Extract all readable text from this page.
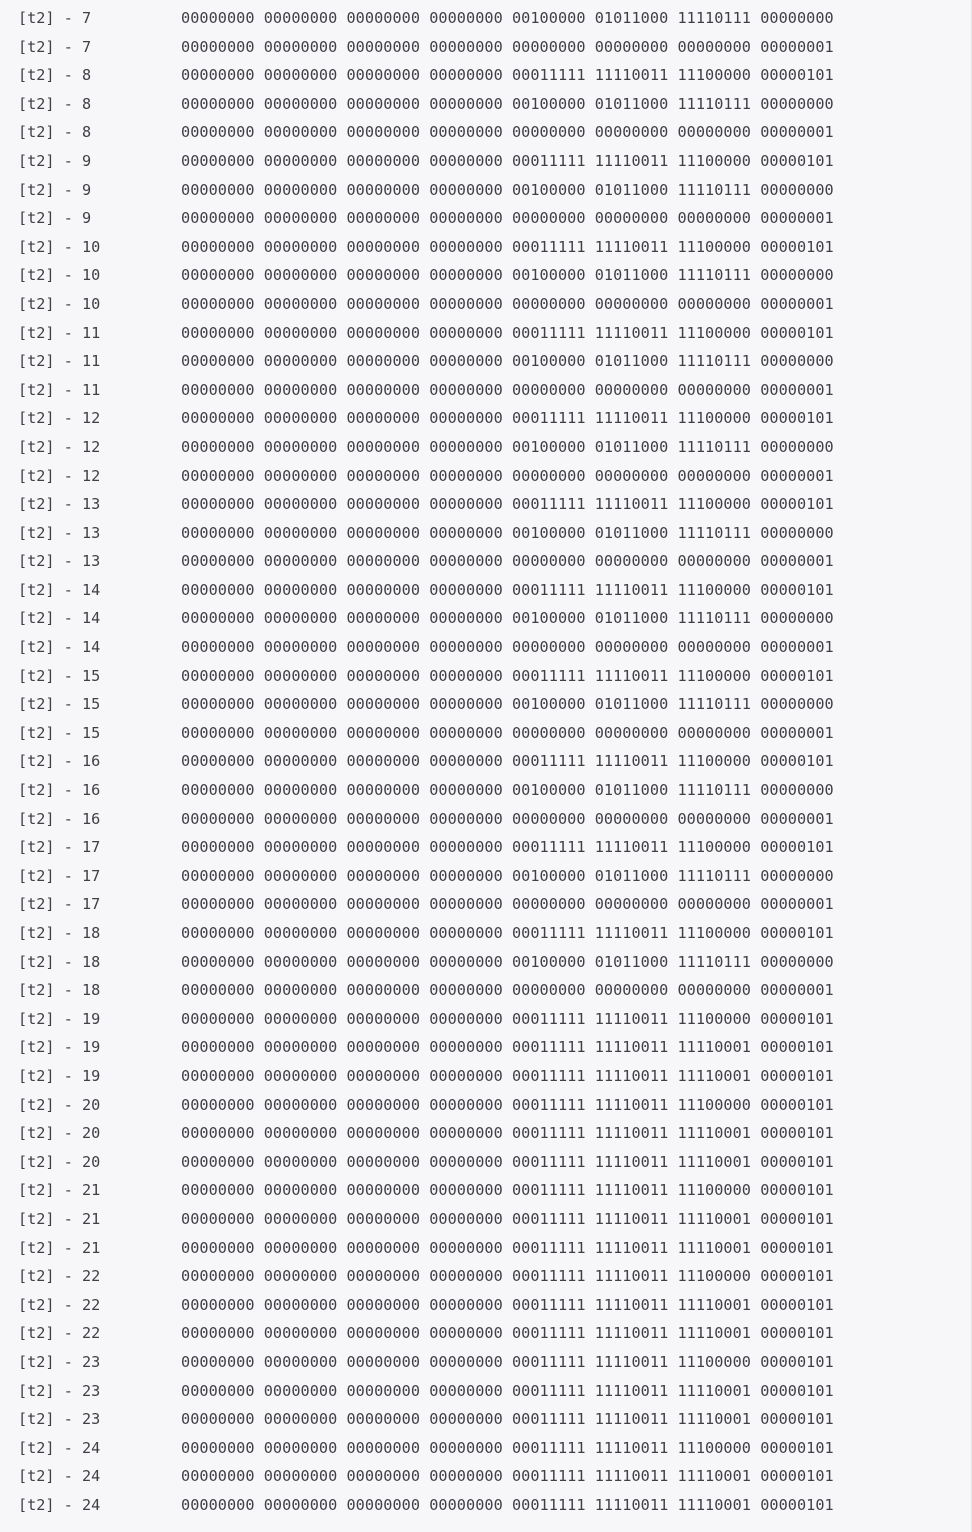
[t2] - 7	00000000 00000000 00000000 00000000 00100000 01011000 11110111 00000000
[t2] - 7	00000000 00000000 00000000 00000000 00000000 00000000 00000000 00000001
[t2] - 8	00000000 00000000 00000000 00000000 00011111 11110011 11100000 00000101
[t2] - 8	00000000 00000000 00000000 00000000 00100000 01011000 11110111 00000000
[t2] - 8	00000000 00000000 00000000 00000000 00000000 00000000 00000000 00000001
[t2] - 9	00000000 00000000 00000000 00000000 00011111 11110011 11100000 00000101
[t2] - 9	00000000 00000000 00000000 00000000 00100000 01011000 11110111 00000000
[t2] - 9	00000000 00000000 00000000 00000000 00000000 00000000 00000000 00000001
[t2] - 10	00000000 00000000 00000000 00000000 00011111 11110011 11100000 00000101
[t2] - 10	00000000 00000000 00000000 00000000 00100000 01011000 11110111 00000000
[t2] - 10	00000000 00000000 00000000 00000000 00000000 00000000 00000000 00000001
[t2] - 11	00000000 00000000 00000000 00000000 00011111 11110011 11100000 00000101
[t2] - 11	00000000 00000000 00000000 00000000 00100000 01011000 11110111 00000000
[t2] - 11	00000000 00000000 00000000 00000000 00000000 00000000 00000000 00000001
[t2] - 12	00000000 00000000 00000000 00000000 00011111 11110011 11100000 00000101
[t2] - 12	00000000 00000000 00000000 00000000 00100000 01011000 11110111 00000000
[t2] - 12	00000000 00000000 00000000 00000000 00000000 00000000 00000000 00000001
[t2] - 13	00000000 00000000 00000000 00000000 00011111 11110011 11100000 00000101
[t2] - 13	00000000 00000000 00000000 00000000 00100000 01011000 11110111 00000000
[t2] - 13	00000000 00000000 00000000 00000000 00000000 00000000 00000000 00000001
[t2] - 14	00000000 00000000 00000000 00000000 00011111 11110011 11100000 00000101
[t2] - 14	00000000 00000000 00000000 00000000 00100000 01011000 11110111 00000000
[t2] - 14	00000000 00000000 00000000 00000000 00000000 00000000 00000000 00000001
[t2] - 15	00000000 00000000 00000000 00000000 00011111 11110011 11100000 00000101
[t2] - 15	00000000 00000000 00000000 00000000 00100000 01011000 11110111 00000000
[t2] - 15	00000000 00000000 00000000 00000000 00000000 00000000 00000000 00000001
[t2] - 16	00000000 00000000 00000000 00000000 00011111 11110011 11100000 00000101
[t2] - 16	00000000 00000000 00000000 00000000 00100000 01011000 11110111 00000000
[t2] - 16	00000000 00000000 00000000 00000000 00000000 00000000 00000000 00000001
[t2] - 17	00000000 00000000 00000000 00000000 00011111 11110011 11100000 00000101
[t2] - 17	00000000 00000000 00000000 00000000 00100000 01011000 11110111 00000000
[t2] - 17	00000000 00000000 00000000 00000000 00000000 00000000 00000000 00000001
[t2] - 18	00000000 00000000 00000000 00000000 00011111 11110011 11100000 00000101
[t2] - 18	00000000 00000000 00000000 00000000 00100000 01011000 11110111 00000000
[t2] - 18	00000000 00000000 00000000 00000000 00000000 00000000 00000000 00000001
[t2] - 19	00000000 00000000 00000000 00000000 00011111 11110011 11100000 00000101
[t2] - 19	00000000 00000000 00000000 00000000 00011111 11110011 11110001 00000101
[t2] - 19	00000000 00000000 00000000 00000000 00011111 11110011 11110001 00000101
[t2] - 20	00000000 00000000 00000000 00000000 00011111 11110011 11100000 00000101
[t2] - 20	00000000 00000000 00000000 00000000 00011111 11110011 11110001 00000101
[t2] - 20	00000000 00000000 00000000 00000000 00011111 11110011 11110001 00000101
[t2] - 21	00000000 00000000 00000000 00000000 00011111 11110011 11100000 00000101
[t2] - 21	00000000 00000000 00000000 00000000 00011111 11110011 11110001 00000101
[t2] - 21	00000000 00000000 00000000 00000000 00011111 11110011 11110001 00000101
[t2] - 22	00000000 00000000 00000000 00000000 00011111 11110011 11100000 00000101
[t2] - 22	00000000 00000000 00000000 00000000 00011111 11110011 11110001 00000101
[t2] - 22	00000000 00000000 00000000 00000000 00011111 11110011 11110001 00000101
[t2] - 23	00000000 00000000 00000000 00000000 00011111 11110011 11100000 00000101
[t2] - 23	00000000 00000000 00000000 00000000 00011111 11110011 11110001 00000101
[t2] - 23	00000000 00000000 00000000 00000000 00011111 11110011 11110001 00000101
[t2] - 24	00000000 00000000 00000000 00000000 00011111 11110011 11100000 00000101
[t2] - 24	00000000 00000000 00000000 00000000 00011111 11110011 11110001 00000101
[t2] - 24	00000000 00000000 00000000 00000000 00011111 11110011 11110001 00000101
